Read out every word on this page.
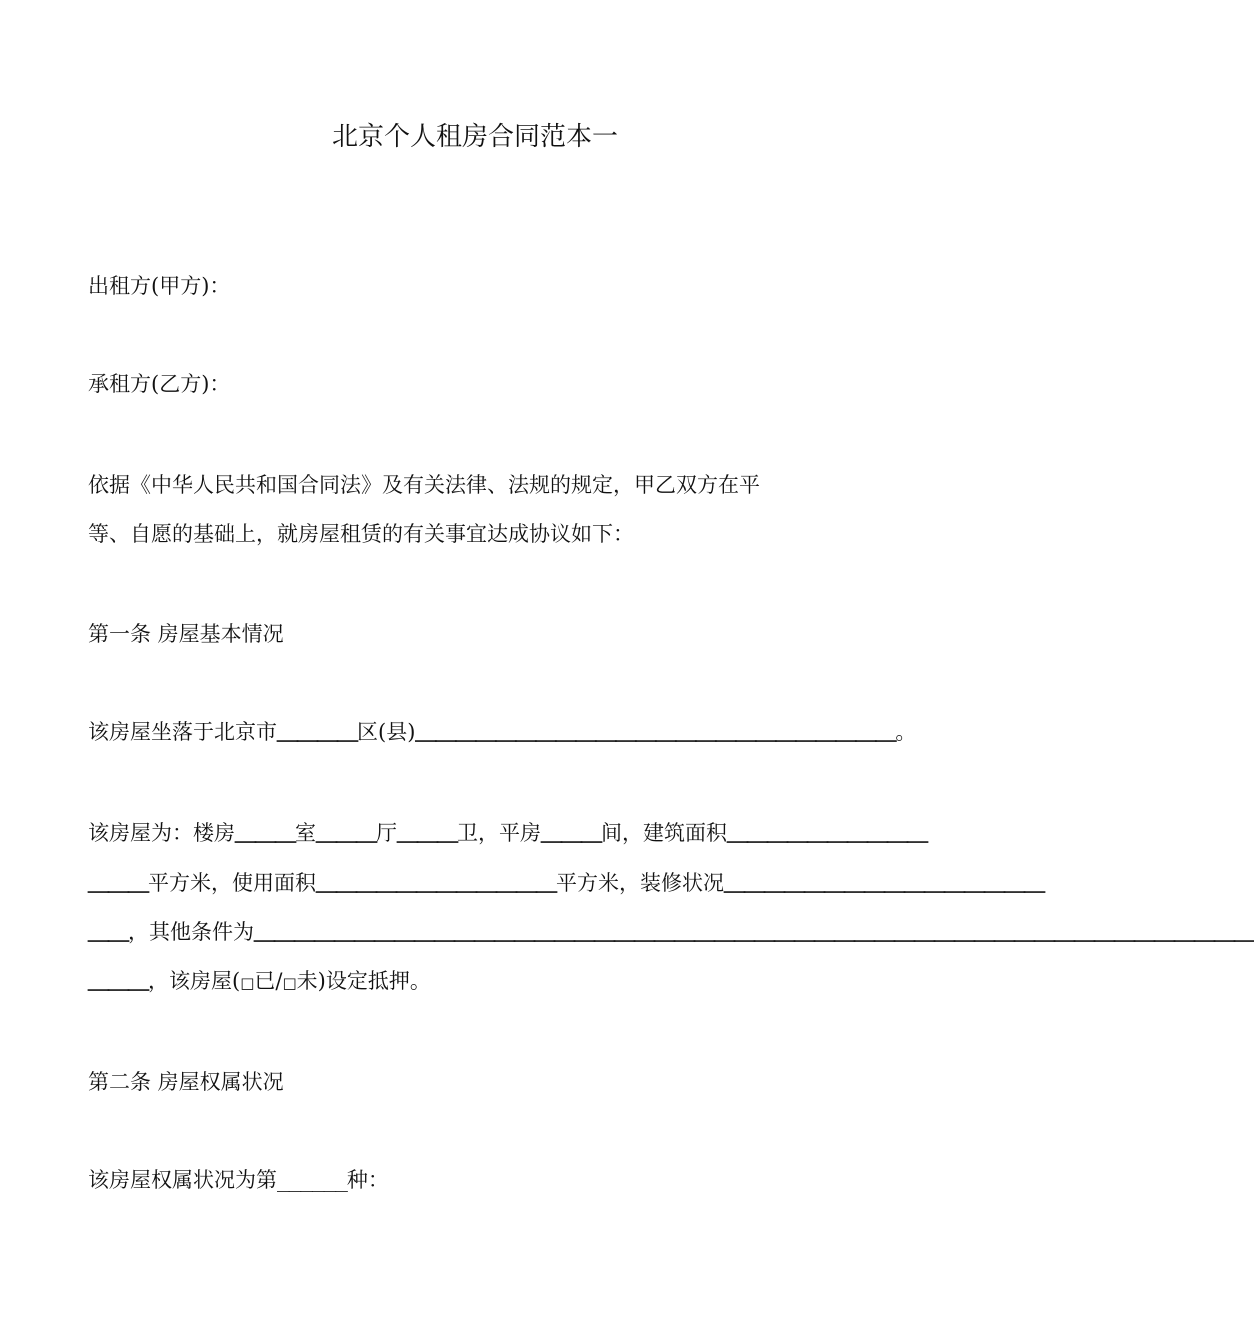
北京个人租房合同范本一
出租方(甲方)：
承租方(乙方)：
依据《中华人民共和国合同法》及有关法律、法规的规定，甲乙双方在平
等、自愿的基础上，就房屋租赁的有关事宜达成协议如下：
第一条 房屋基本情况
该房屋坐落于北京市＿＿＿＿区(县)＿＿＿＿＿＿＿＿＿＿＿＿＿＿＿＿＿＿＿＿＿＿＿＿。
该房屋为：楼房＿＿＿室＿＿＿厅＿＿＿卫，平房＿＿＿间，建筑面积＿＿＿＿＿＿＿＿＿＿
＿＿＿平方米，使用面积＿＿＿＿＿＿＿＿＿＿＿＿平方米，装修状况＿＿＿＿＿＿＿＿＿＿＿＿＿＿＿＿
＿＿，其他条件为＿＿＿＿＿＿＿＿＿＿＿＿＿＿＿＿＿＿＿＿＿＿＿＿＿＿＿＿＿＿＿＿＿＿＿＿＿＿＿＿＿＿＿＿＿＿＿＿＿＿
＿＿＿，该房屋(□已/□未)设定抵押。
第二条 房屋权属状况
该房屋权属状况为第______种：
